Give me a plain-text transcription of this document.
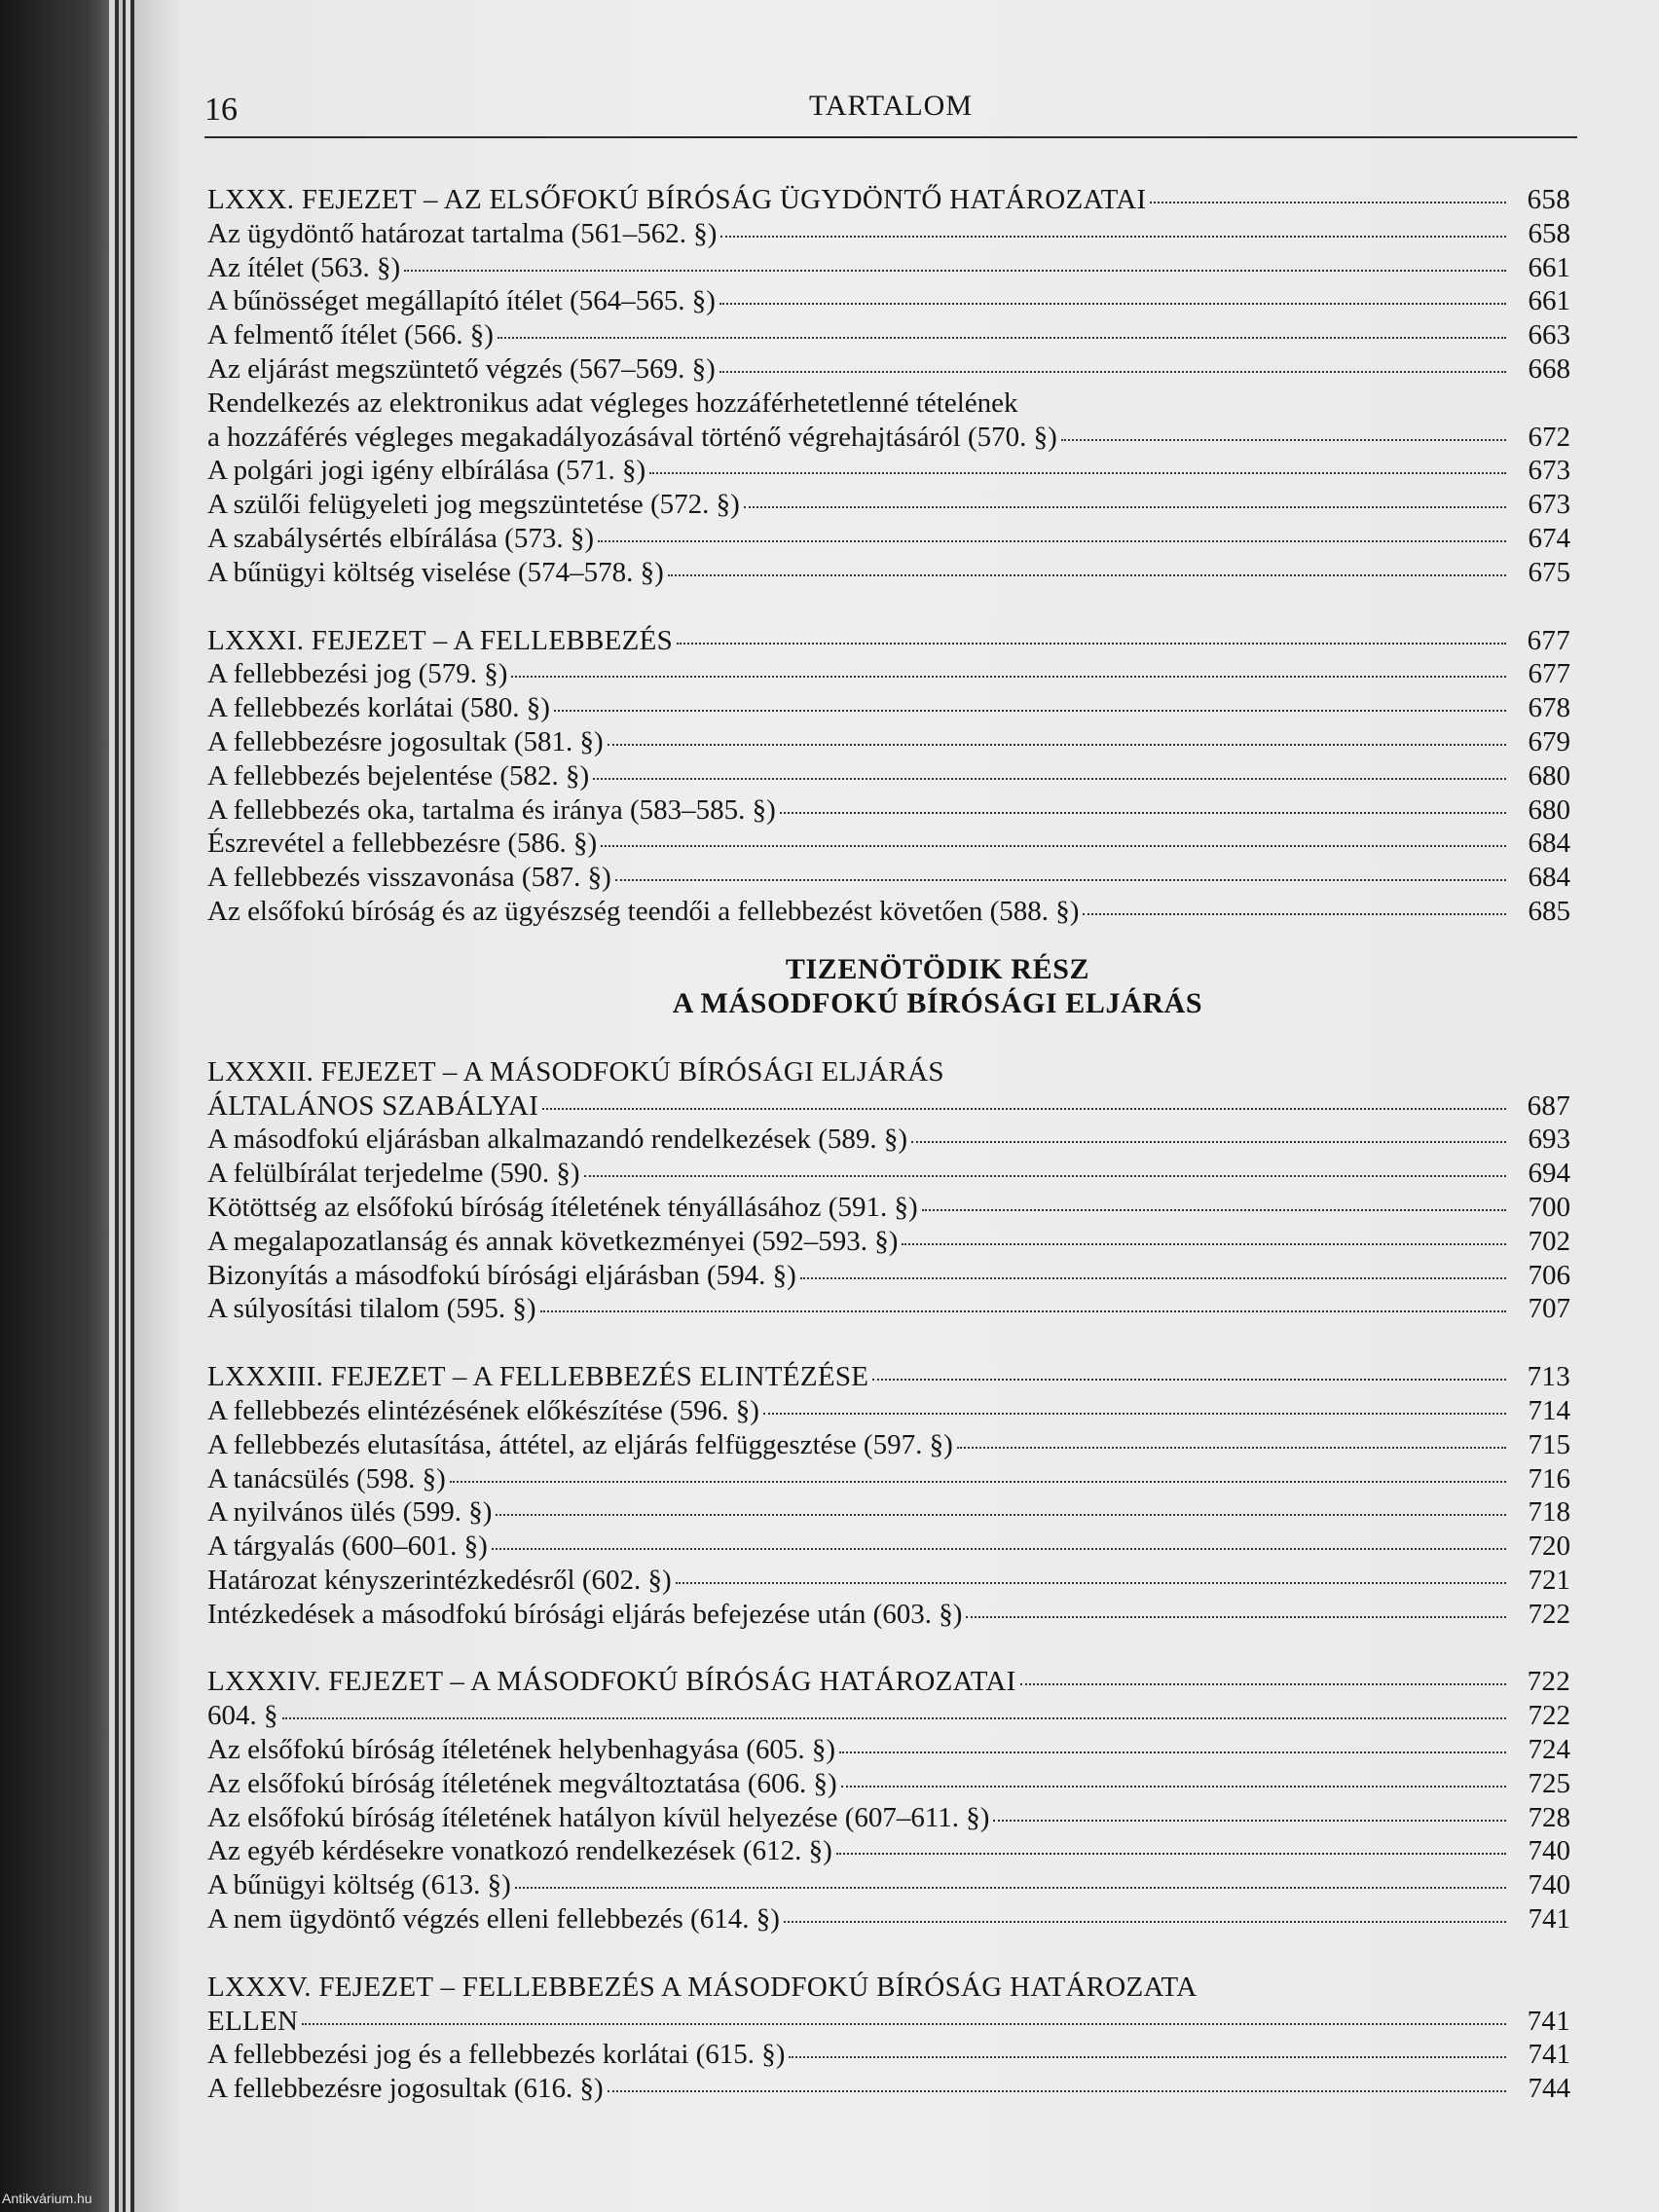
16	TARTALOM
LXXX. FEJEZET – AZ ELSŐFOKÚ BÍRÓSÁG ÜGYDÖNTŐ HATÁROZATAI	658
Az ügydöntő határozat tartalma (561–562. §)	658
Az ítélet (563. §)	661
A bűnösséget megállapító ítélet (564–565. §)	661
A felmentő ítélet (566. §)	663
Az eljárást megszüntető végzés (567–569. §)	668
Rendelkezés az elektronikus adat végleges hozzáférhetetlenné tételének
a hozzáférés végleges megakadályozásával történő végrehajtásáról (570. §)	672
A polgári jogi igény elbírálása (571. §)	673
A szülői felügyeleti jog megszüntetése (572. §)	673
A szabálysértés elbírálása (573. §)	674
A bűnügyi költség viselése (574–578. §)	675
LXXXI. FEJEZET – A FELLEBBEZÉS	677
A fellebbezési jog (579. §)	677
A fellebbezés korlátai (580. §)	678
A fellebbezésre jogosultak (581. §)	679
A fellebbezés bejelentése (582. §)	680
A fellebbezés oka, tartalma és iránya (583–585. §)	680
Észrevétel a fellebbezésre (586. §)	684
A fellebbezés visszavonása (587. §)	684
Az elsőfokú bíróság és az ügyészség teendői a fellebbezést követően (588. §)	685
TIZENÖTÖDIK RÉSZ
A MÁSODFOKÚ BÍRÓSÁGI ELJÁRÁS
LXXXII. FEJEZET – A MÁSODFOKÚ BÍRÓSÁGI ELJÁRÁS
ÁLTALÁNOS SZABÁLYAI	687
A másodfokú eljárásban alkalmazandó rendelkezések (589. §)	693
A felülbírálat terjedelme (590. §)	694
Kötöttség az elsőfokú bíróság ítéletének tényállásához (591. §)	700
A megalapozatlanság és annak következményei (592–593. §)	702
Bizonyítás a másodfokú bírósági eljárásban (594. §)	706
A súlyosítási tilalom (595. §)	707
LXXXIII. FEJEZET – A FELLEBBEZÉS ELINTÉZÉSE	713
A fellebbezés elintézésének előkészítése (596. §)	714
A fellebbezés elutasítása, áttétel, az eljárás felfüggesztése (597. §)	715
A tanácsülés (598. §)	716
A nyilvános ülés (599. §)	718
A tárgyalás (600–601. §)	720
Határozat kényszerintézkedésről (602. §)	721
Intézkedések a másodfokú bírósági eljárás befejezése után (603. §)	722
LXXXIV. FEJEZET – A MÁSODFOKÚ BÍRÓSÁG HATÁROZATAI	722
604. §	722
Az elsőfokú bíróság ítéletének helybenhagyása (605. §)	724
Az elsőfokú bíróság ítéletének megváltoztatása (606. §)	725
Az elsőfokú bíróság ítéletének hatályon kívül helyezése (607–611. §)	728
Az egyéb kérdésekre vonatkozó rendelkezések (612. §)	740
A bűnügyi költség (613. §)	740
A nem ügydöntő végzés elleni fellebbezés (614. §)	741
LXXXV. FEJEZET – FELLEBBEZÉS A MÁSODFOKÚ BÍRÓSÁG HATÁROZATA
ELLEN	741
A fellebbezési jog és a fellebbezés korlátai (615. §)	741
A fellebbezésre jogosultak (616. §)	744
Antikvárium.hu
